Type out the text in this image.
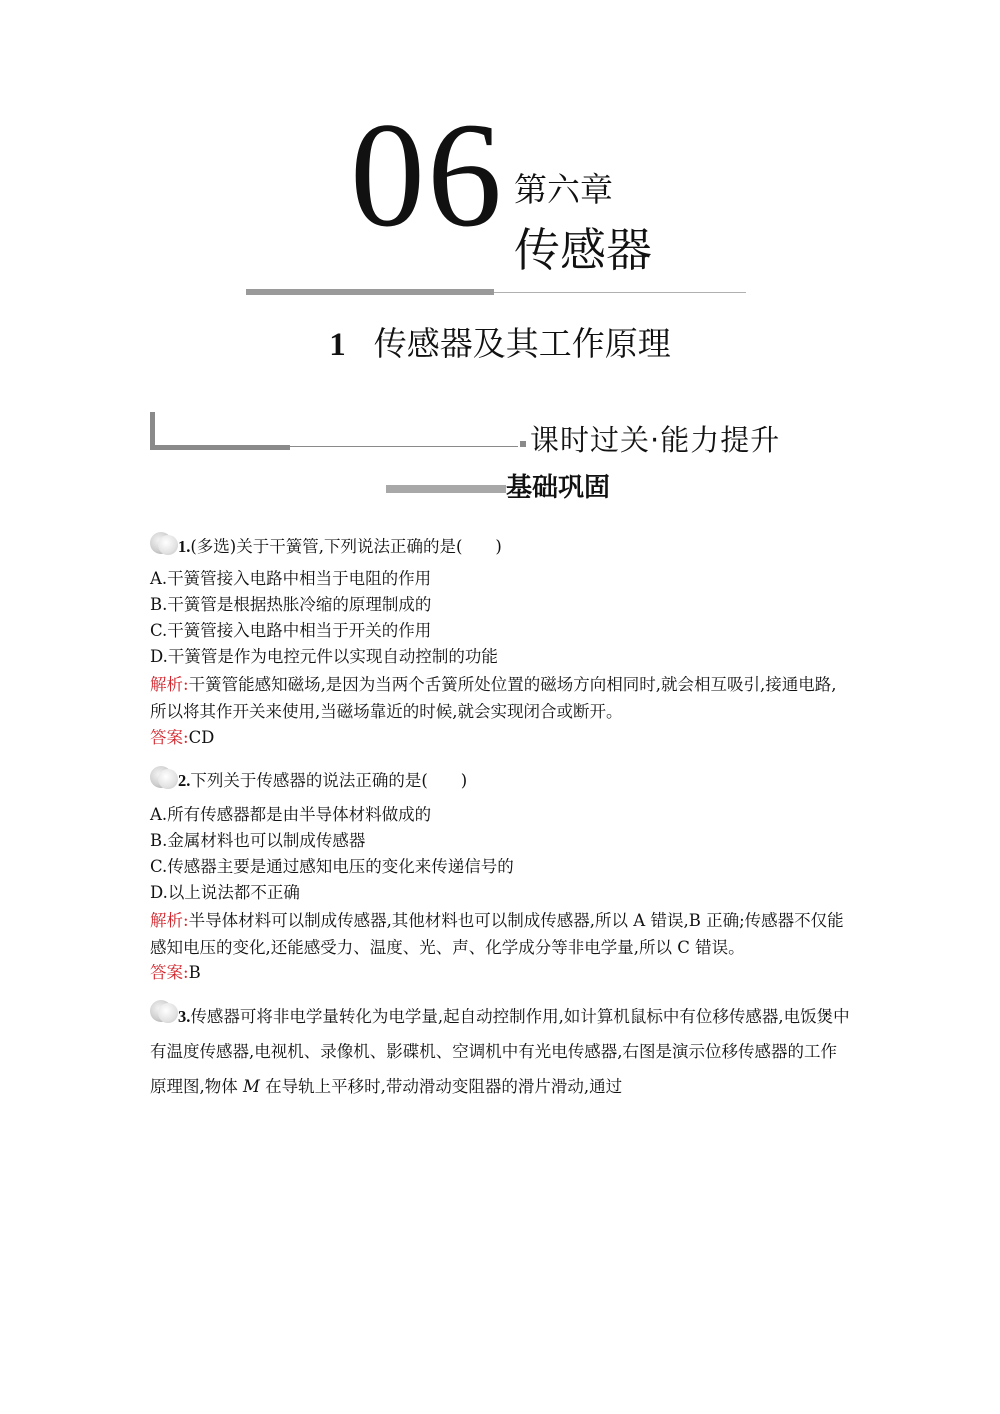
06 第六章
传感器
1 传感器及其工作原理
课时过关·能力提升
基础巩固
1.(多选)关于干簧管,下列说法正确的是(　　)
A.干簧管接入电路中相当于电阻的作用
B.干簧管是根据热胀冷缩的原理制成的
C.干簧管接入电路中相当于开关的作用
D.干簧管是作为电控元件以实现自动控制的功能
解析:干簧管能感知磁场,是因为当两个舌簧所处位置的磁场方向相同时,就会相互吸引,接通电路,所以将其作开关来使用,当磁场靠近的时候,就会实现闭合或断开。
答案:CD
2.下列关于传感器的说法正确的是(　　)
A.所有传感器都是由半导体材料做成的
B.金属材料也可以制成传感器
C.传感器主要是通过感知电压的变化来传递信号的
D.以上说法都不正确
解析:半导体材料可以制成传感器,其他材料也可以制成传感器,所以 A 错误,B 正确;传感器不仅能感知电压的变化,还能感受力、温度、光、声、化学成分等非电学量,所以 C 错误。
答案:B
3.传感器可将非电学量转化为电学量,起自动控制作用,如计算机鼠标中有位移传感器,电饭煲中有温度传感器,电视机、录像机、影碟机、空调机中有光电传感器,右图是演示位移传感器的工作原理图,物体 M 在导轨上平移时,带动滑动变阻器的滑片滑动,通过
